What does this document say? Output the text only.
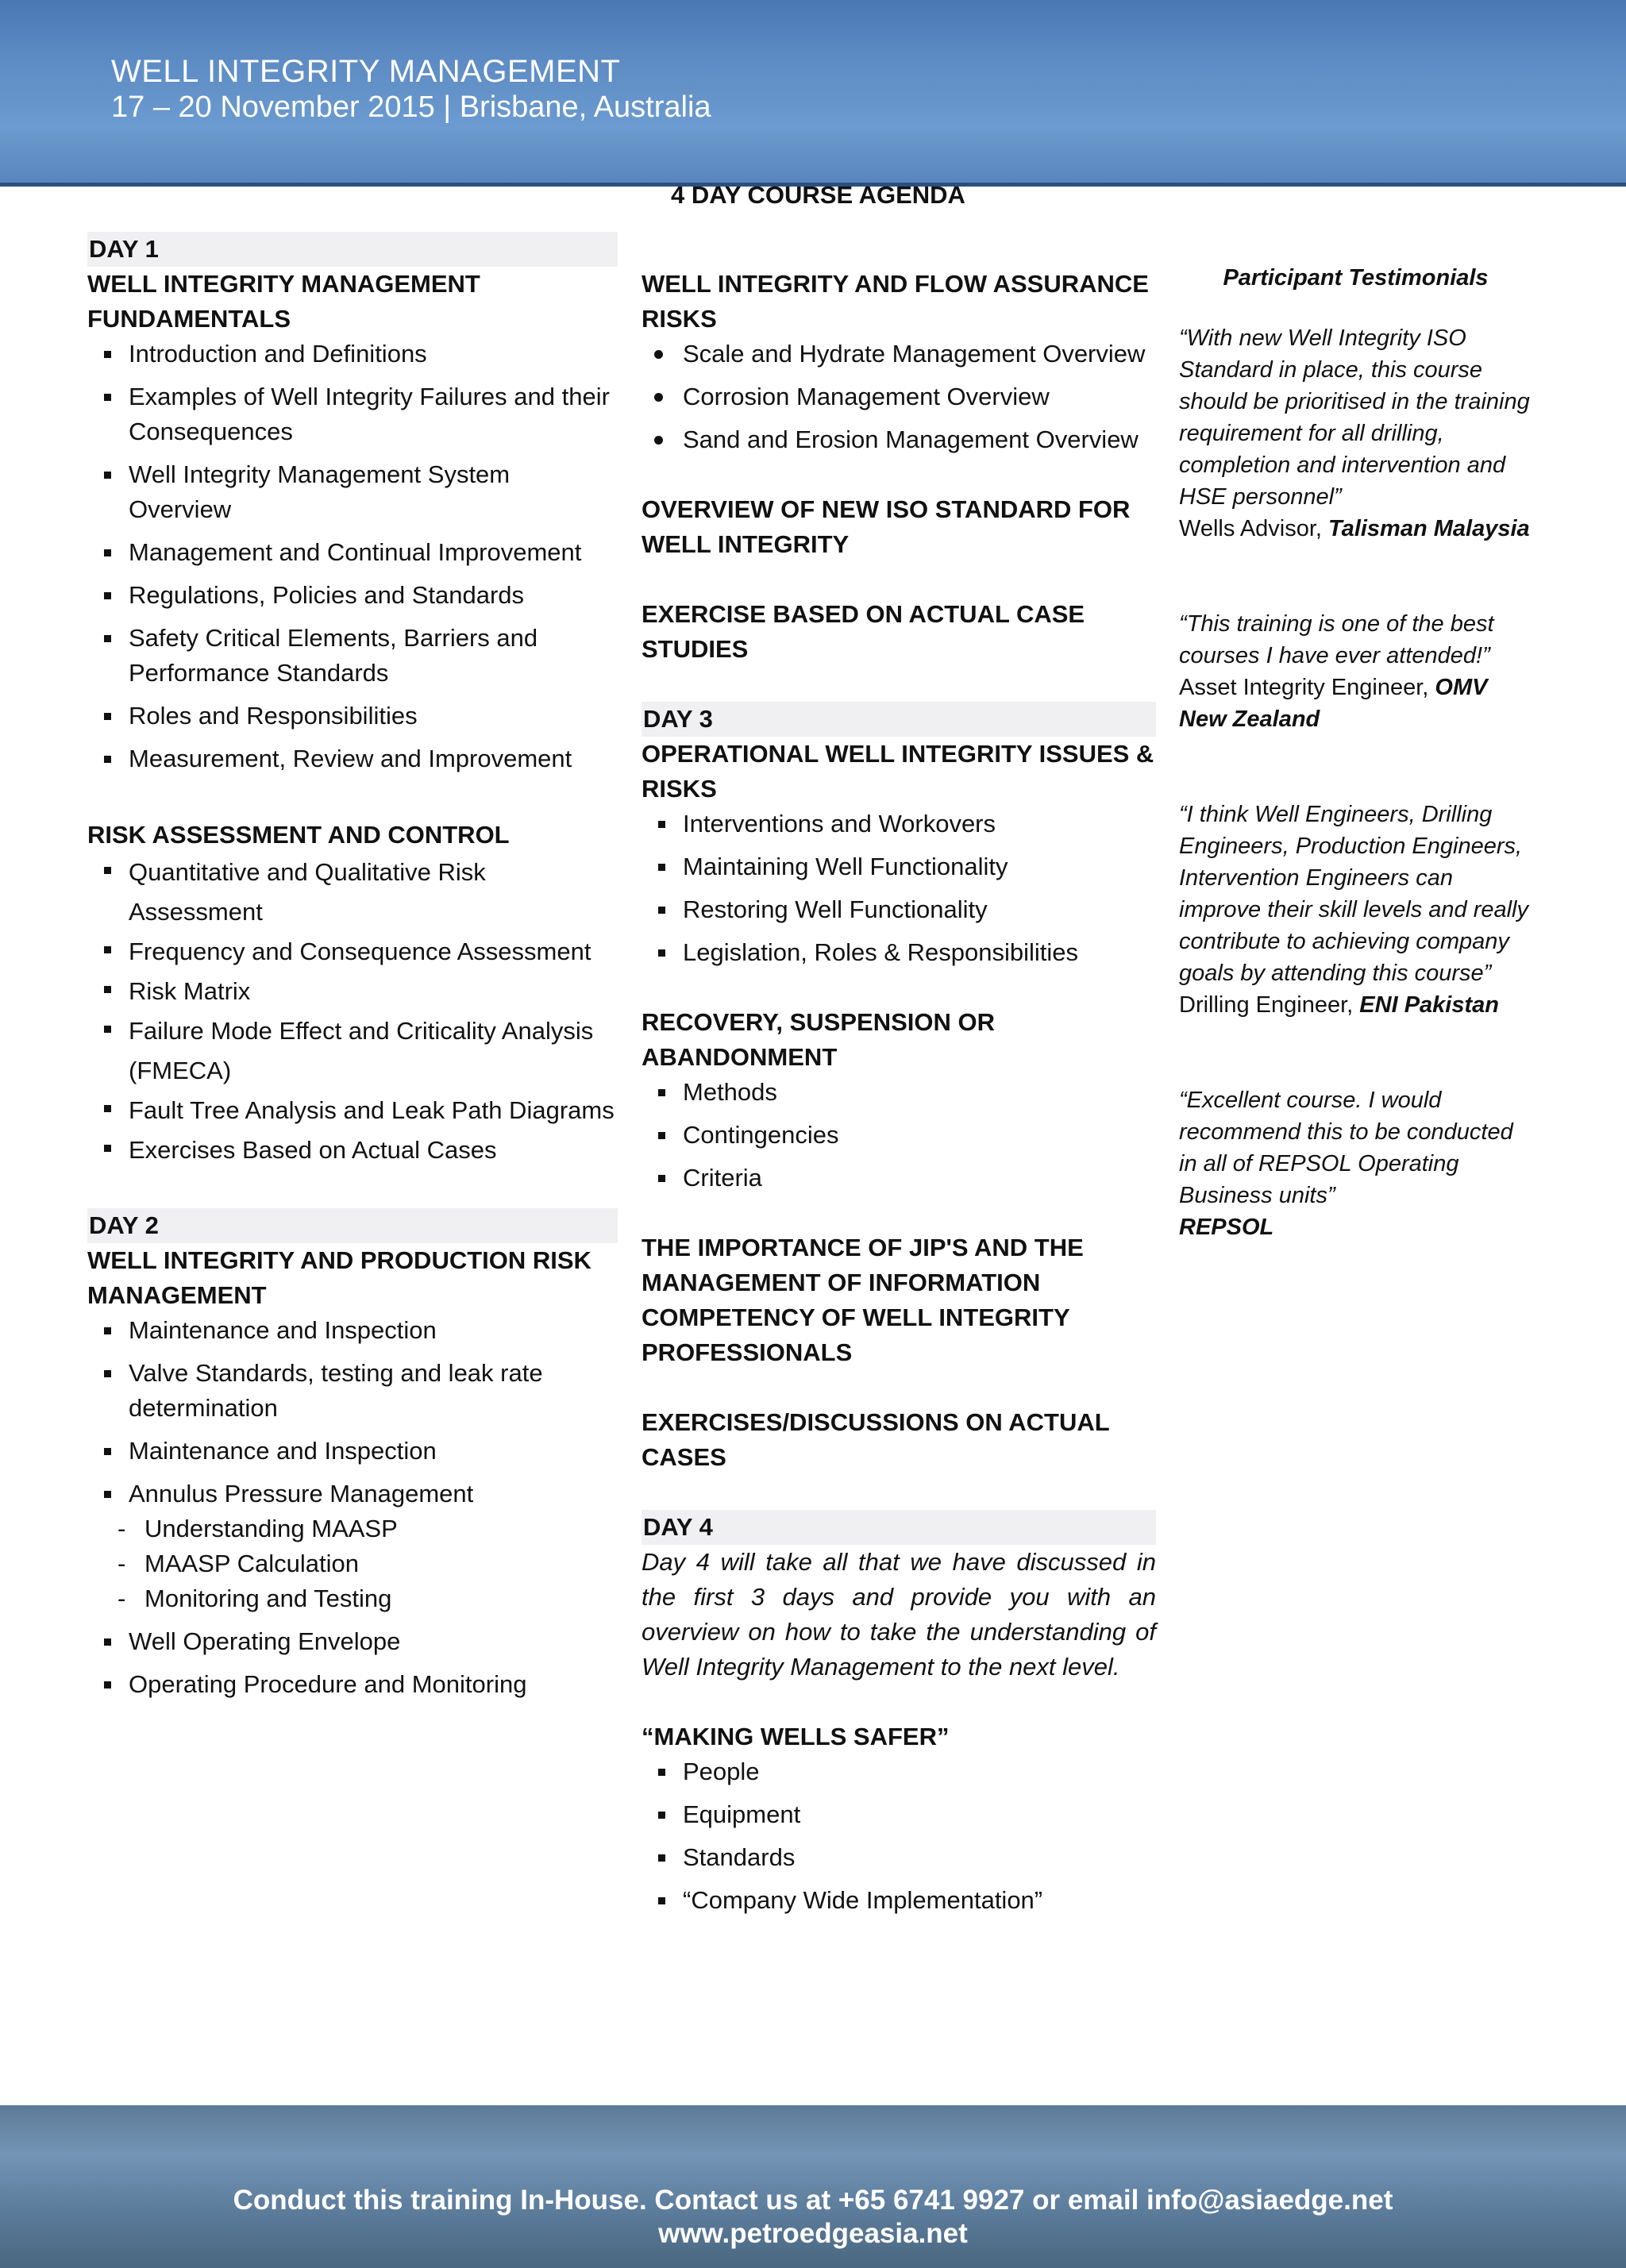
WELL INTEGRITY MANAGEMENT
17 – 20 November 2015 | Brisbane, Australia
4 DAY COURSE AGENDA
DAY 1
WELL INTEGRITY MANAGEMENT FUNDAMENTALS
Introduction and Definitions
Examples of Well Integrity Failures and their Consequences
Well Integrity Management System Overview
Management and Continual Improvement
Regulations, Policies and Standards
Safety Critical Elements, Barriers and Performance Standards
Roles and Responsibilities
Measurement, Review and Improvement
RISK ASSESSMENT AND CONTROL
Quantitative and Qualitative Risk Assessment
Frequency and Consequence Assessment
Risk Matrix
Failure Mode Effect and Criticality Analysis (FMECA)
Fault Tree Analysis and Leak Path Diagrams
Exercises Based on Actual Cases
DAY 2
WELL INTEGRITY AND PRODUCTION RISK MANAGEMENT
Maintenance and Inspection
Valve Standards, testing and leak rate determination
Maintenance and Inspection
Annulus Pressure Management
- Understanding MAASP
- MAASP Calculation
- Monitoring and Testing
Well Operating Envelope
Operating Procedure and Monitoring
WELL INTEGRITY AND FLOW ASSURANCE RISKS
Scale and Hydrate Management Overview
Corrosion Management Overview
Sand and Erosion Management Overview
OVERVIEW OF NEW ISO STANDARD FOR WELL INTEGRITY
EXERCISE BASED ON ACTUAL CASE STUDIES
DAY 3
OPERATIONAL WELL INTEGRITY ISSUES & RISKS
Interventions and Workovers
Maintaining Well Functionality
Restoring Well Functionality
Legislation, Roles & Responsibilities
RECOVERY, SUSPENSION OR ABANDONMENT
Methods
Contingencies
Criteria
THE IMPORTANCE OF JIP'S AND THE MANAGEMENT OF INFORMATION COMPETENCY OF WELL INTEGRITY PROFESSIONALS
EXERCISES/DISCUSSIONS ON ACTUAL CASES
DAY 4
Day 4 will take all that we have discussed in the first 3 days and provide you with an overview on how to take the understanding of Well Integrity Management to the next level.
“MAKING WELLS SAFER”
People
Equipment
Standards
“Company Wide Implementation”
Participant Testimonials
“With new Well Integrity ISO Standard in place, this course should be prioritised in the training requirement for all drilling, completion and intervention and HSE personnel”
Wells Advisor, Talisman Malaysia
“This training is one of the best courses I have ever attended!” Asset Integrity Engineer, OMV New Zealand
“I think Well Engineers, Drilling Engineers, Production Engineers, Intervention Engineers can improve their skill levels and really contribute to achieving company goals by attending this course” Drilling Engineer, ENI Pakistan
“Excellent course. I would recommend this to be conducted in all of REPSOL Operating Business units”
REPSOL
Conduct this training In-House. Contact us at +65 6741 9927 or email info@asiaedge.net
www.petroedgeasia.net
